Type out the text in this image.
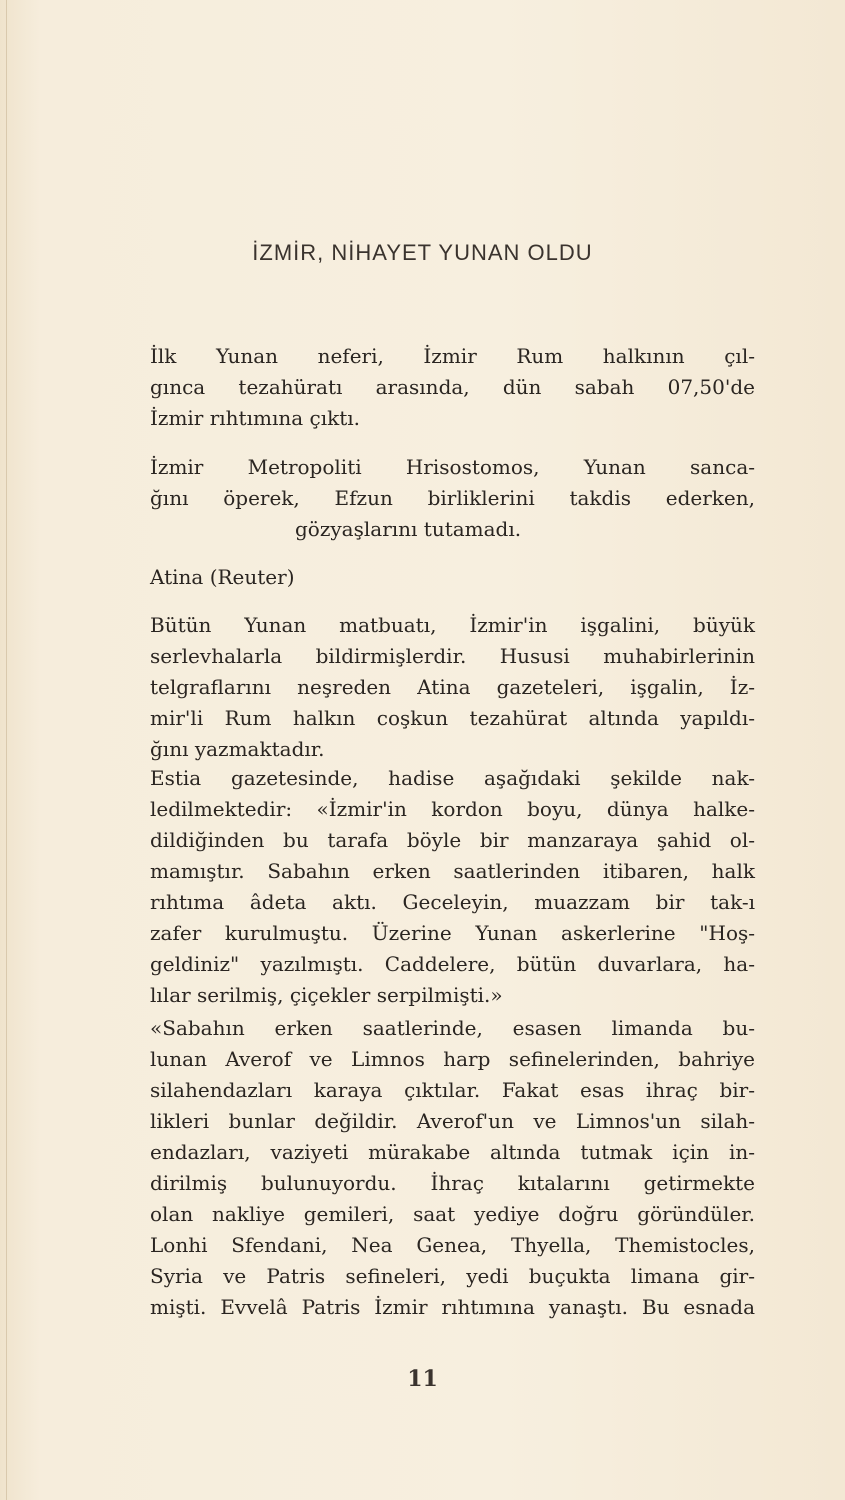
İZMİR, NİHAYET YUNAN OLDU
İlk Yunan neferi, İzmir Rum halkının çıl-
gınca tezahüratı arasında, dün sabah 07,50'de
İzmir rıhtımına çıktı.
İzmir Metropoliti Hrisostomos, Yunan sanca-
ğını öperek, Efzun birliklerini takdis ederken,
gözyaşlarını tutamadı.
Atina (Reuter)
Bütün Yunan matbuatı, İzmir'in işgalini, büyük
serlevhalarla bildirmişlerdir. Hususi muhabirlerinin
telgraflarını neşreden Atina gazeteleri, işgalin, İz-
mir'li Rum halkın coşkun tezahürat altında yapıldı-
ğını yazmaktadır.
Estia gazetesinde, hadise aşağıdaki şekilde nak-
ledilmektedir: «İzmir'in kordon boyu, dünya halke-
dildiğinden bu tarafa böyle bir manzaraya şahid ol-
mamıştır. Sabahın erken saatlerinden itibaren, halk
rıhtıma âdeta aktı. Geceleyin, muazzam bir tak-ı
zafer kurulmuştu. Üzerine Yunan askerlerine "Hoş-
geldiniz" yazılmıştı. Caddelere, bütün duvarlara, ha-
lılar serilmiş, çiçekler serpilmişti.»
«Sabahın erken saatlerinde, esasen limanda bu-
lunan Averof ve Limnos harp sefinelerinden, bahriye
silahendazları karaya çıktılar. Fakat esas ihraç bir-
likleri bunlar değildir. Averof'un ve Limnos'un silah-
endazları, vaziyeti mürakabe altında tutmak için in-
dirilmiş bulunuyordu. İhraç kıtalarını getirmekte
olan nakliye gemileri, saat yediye doğru göründüler.
Lonhi Sfendani, Nea Genea, Thyella, Themistocles,
Syria ve Patris sefineleri, yedi buçukta limana gir-
mişti. Evvelâ Patris İzmir rıhtımına yanaştı. Bu esnada
11
